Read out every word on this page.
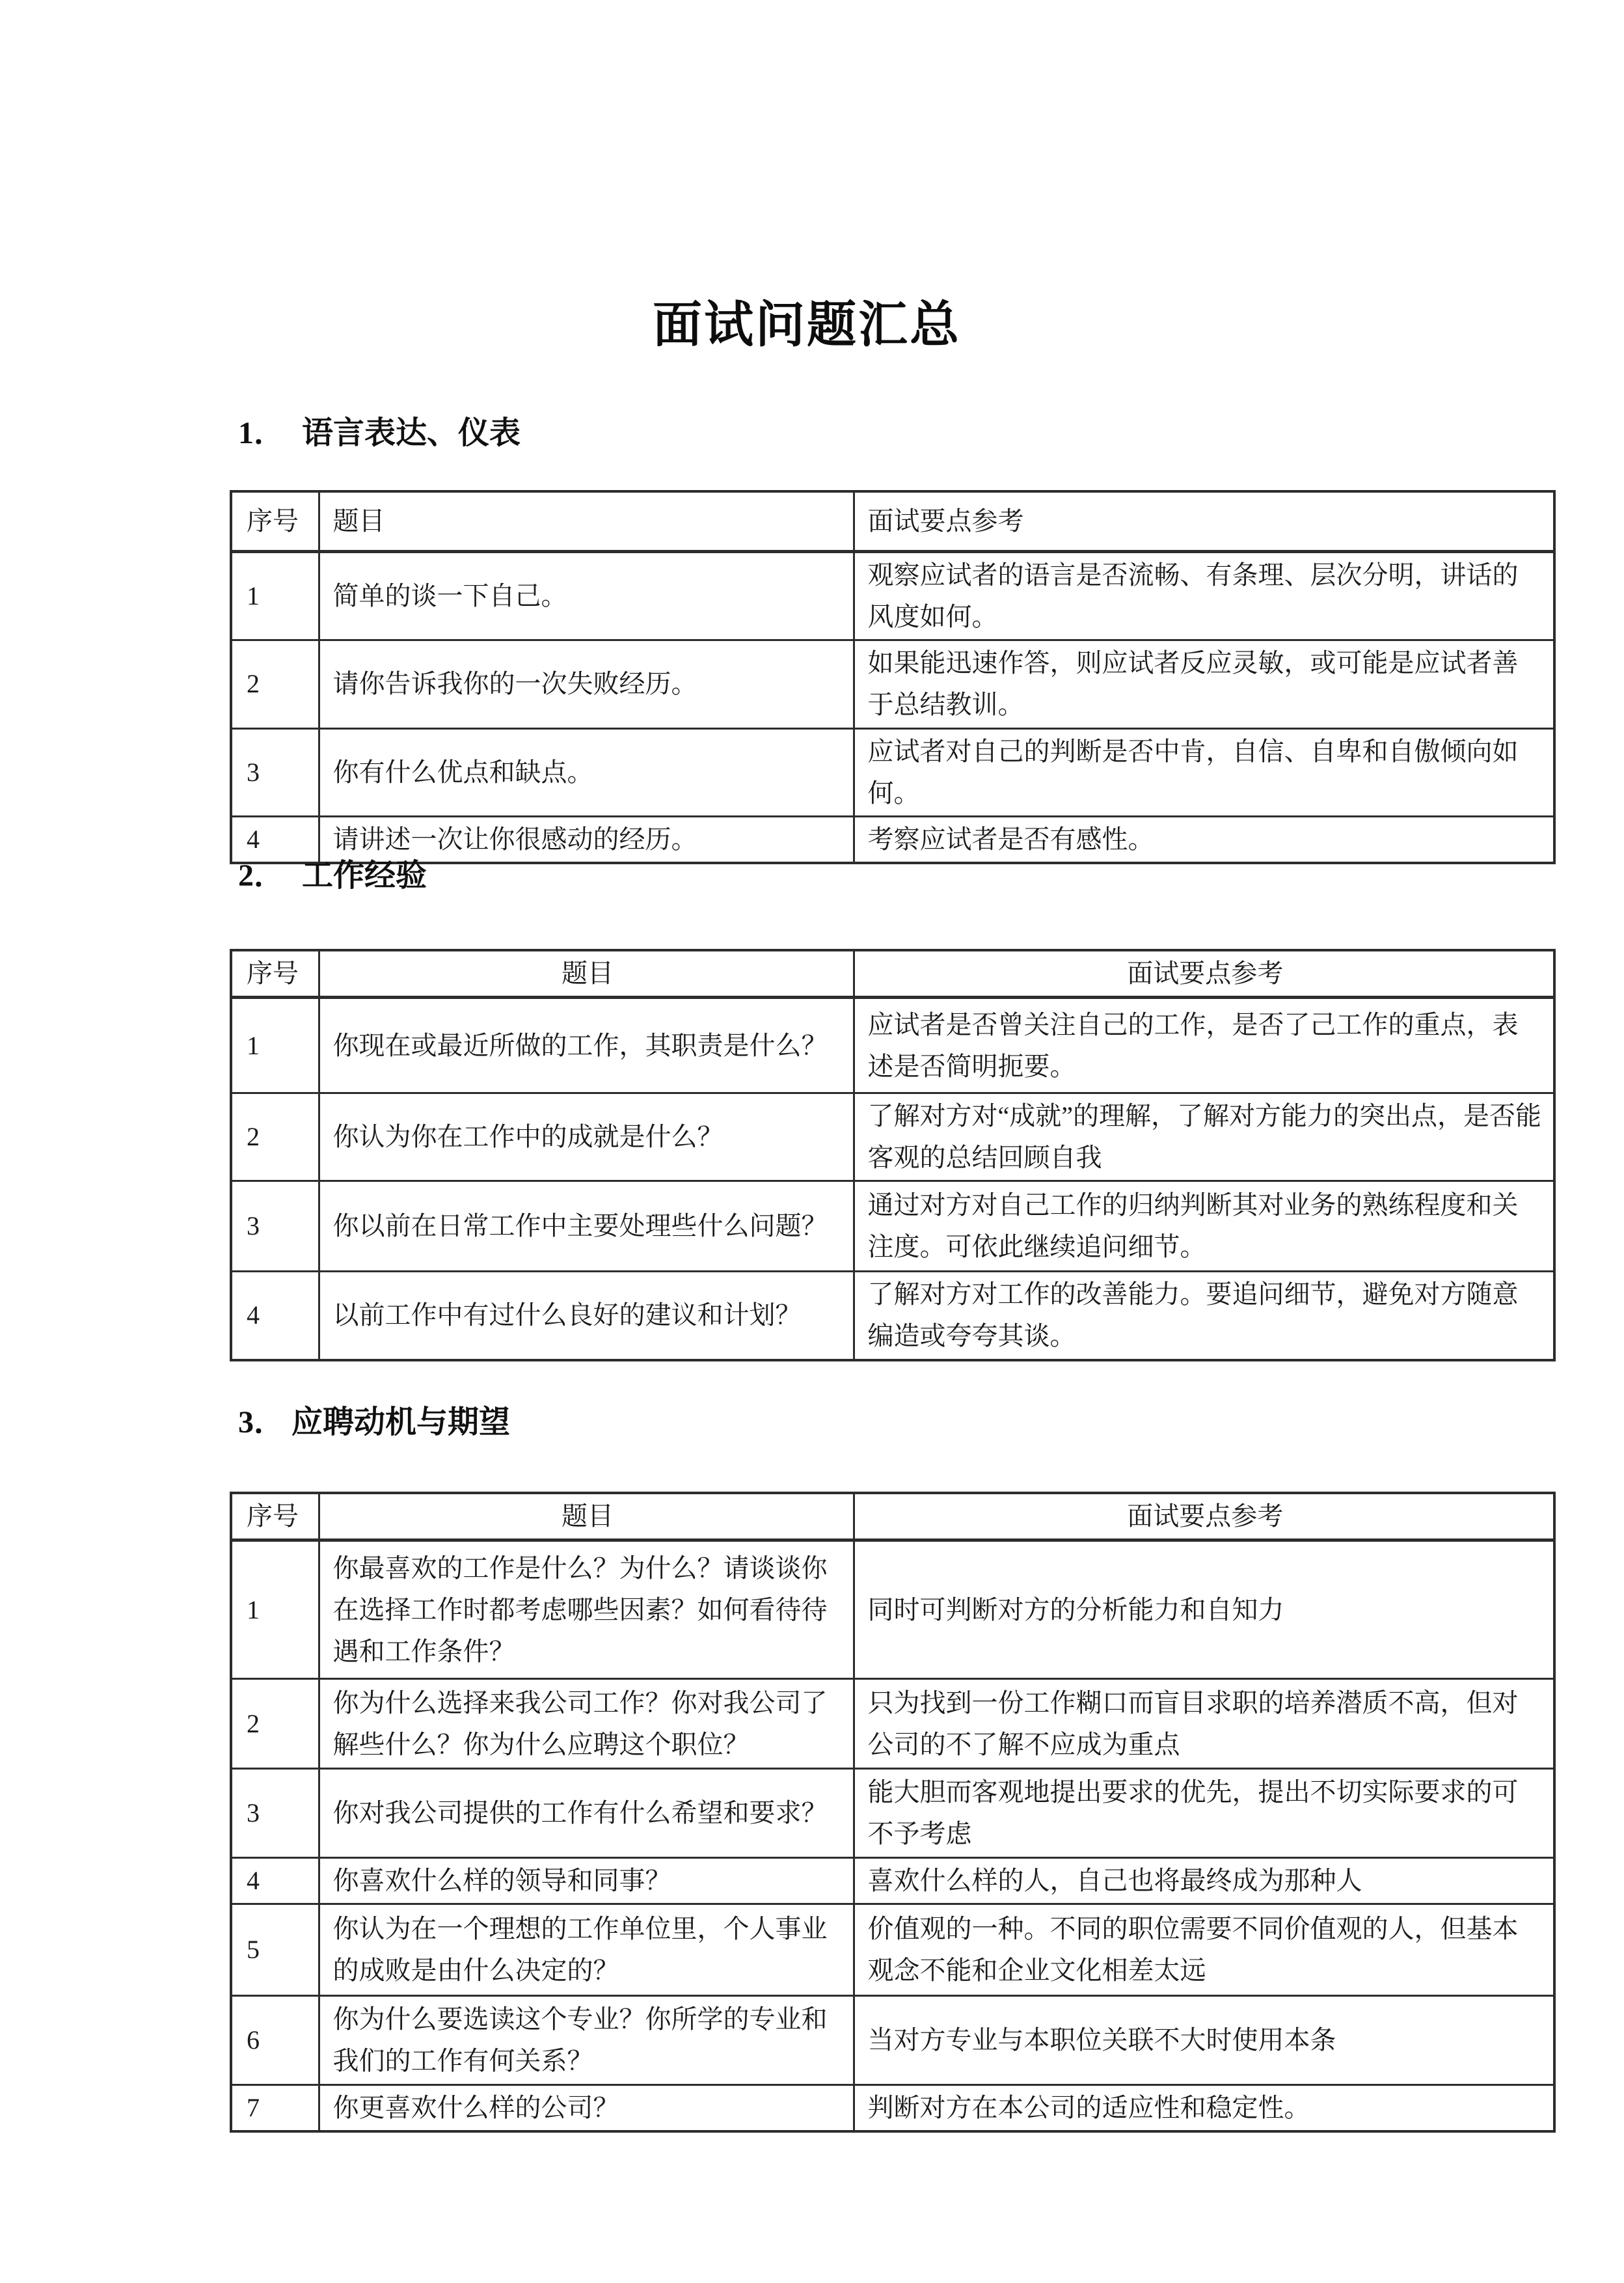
面试问题汇总
1． 语言表达、仪表
序号	题目	面试要点参考
1	简单的谈一下自己。	观察应试者的语言是否流畅、有条理、层次分明，讲话的风度如何。
2	请你告诉我你的一次失败经历。	如果能迅速作答，则应试者反应灵敏，或可能是应试者善于总结教训。
3	你有什么优点和缺点。	应试者对自己的判断是否中肯，自信、自卑和自傲倾向如何。
4	请讲述一次让你很感动的经历。	考察应试者是否有感性。
2． 工作经验
序号	题目	面试要点参考
1	你现在或最近所做的工作，其职责是什么？	应试者是否曾关注自己的工作，是否了己工作的重点，表述是否简明扼要。
2	你认为你在工作中的成就是什么？	了解对方对“成就”的理解，了解对方能力的突出点，是否能客观的总结回顾自我
3	你以前在日常工作中主要处理些什么问题？	通过对方对自己工作的归纳判断其对业务的熟练程度和关注度。可依此继续追问细节。
4	以前工作中有过什么良好的建议和计划？	了解对方对工作的改善能力。要追问细节，避免对方随意编造或夸夸其谈。
3． 应聘动机与期望
序号	题目	面试要点参考
1	你最喜欢的工作是什么？为什么？请谈谈你在选择工作时都考虑哪些因素？如何看待待遇和工作条件？	同时可判断对方的分析能力和自知力
2	你为什么选择来我公司工作？你对我公司了解些什么？你为什么应聘这个职位？	只为找到一份工作糊口而盲目求职的培养潜质不高，但对公司的不了解不应成为重点
3	你对我公司提供的工作有什么希望和要求？	能大胆而客观地提出要求的优先，提出不切实际要求的可不予考虑
4	你喜欢什么样的领导和同事？	喜欢什么样的人，自己也将最终成为那种人
5	你认为在一个理想的工作单位里，个人事业的成败是由什么决定的？	价值观的一种。不同的职位需要不同价值观的人，但基本观念不能和企业文化相差太远
6	你为什么要选读这个专业？你所学的专业和我们的工作有何关系？	当对方专业与本职位关联不大时使用本条
7	你更喜欢什么样的公司？	判断对方在本公司的适应性和稳定性。
